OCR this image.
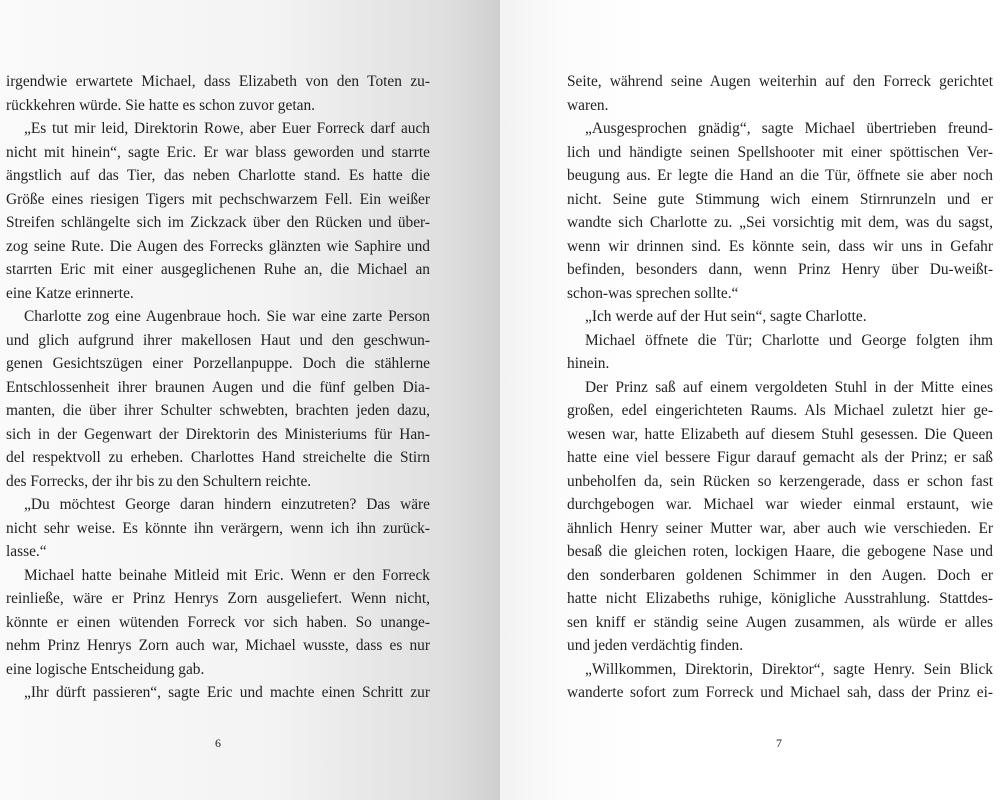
irgendwie erwartete Michael, dass Elizabeth von den Toten zu-
rückkehren würde. Sie hatte es schon zuvor getan.
„Es tut mir leid, Direktorin Rowe, aber Euer Forreck darf auch
nicht mit hinein“, sagte Eric. Er war blass geworden und starrte
ängstlich auf das Tier, das neben Charlotte stand. Es hatte die
Größe eines riesigen Tigers mit pechschwarzem Fell. Ein weißer
Streifen schlängelte sich im Zickzack über den Rücken und über-
zog seine Rute. Die Augen des Forrecks glänzten wie Saphire und
starrten Eric mit einer ausgeglichenen Ruhe an, die Michael an
eine Katze erinnerte.
Charlotte zog eine Augenbraue hoch. Sie war eine zarte Person
und glich aufgrund ihrer makellosen Haut und den geschwun-
genen Gesichtszügen einer Porzellanpuppe. Doch die stählerne
Entschlossenheit ihrer braunen Augen und die fünf gelben Dia-
manten, die über ihrer Schulter schwebten, brachten jeden dazu,
sich in der Gegenwart der Direktorin des Ministeriums für Han-
del respektvoll zu erheben. Charlottes Hand streichelte die Stirn
des Forrecks, der ihr bis zu den Schultern reichte.
„Du möchtest George daran hindern einzutreten? Das wäre
nicht sehr weise. Es könnte ihn verärgern, wenn ich ihn zurück-
lasse.“
Michael hatte beinahe Mitleid mit Eric. Wenn er den Forreck
reinließe, wäre er Prinz Henrys Zorn ausgeliefert. Wenn nicht,
könnte er einen wütenden Forreck vor sich haben. So unange-
nehm Prinz Henrys Zorn auch war, Michael wusste, dass es nur
eine logische Entscheidung gab.
„Ihr dürft passieren“, sagte Eric und machte einen Schritt zur
6
Seite, während seine Augen weiterhin auf den Forreck gerichtet
waren.
„Ausgesprochen gnädig“, sagte Michael übertrieben freund-
lich und händigte seinen Spellshooter mit einer spöttischen Ver-
beugung aus. Er legte die Hand an die Tür, öffnete sie aber noch
nicht. Seine gute Stimmung wich einem Stirnrunzeln und er
wandte sich Charlotte zu. „Sei vorsichtig mit dem, was du sagst,
wenn wir drinnen sind. Es könnte sein, dass wir uns in Gefahr
befinden, besonders dann, wenn Prinz Henry über Du-weißt-
schon-was sprechen sollte.“
„Ich werde auf der Hut sein“, sagte Charlotte.
Michael öffnete die Tür; Charlotte und George folgten ihm
hinein.
Der Prinz saß auf einem vergoldeten Stuhl in der Mitte eines
großen, edel eingerichteten Raums. Als Michael zuletzt hier ge-
wesen war, hatte Elizabeth auf diesem Stuhl gesessen. Die Queen
hatte eine viel bessere Figur darauf gemacht als der Prinz; er saß
unbeholfen da, sein Rücken so kerzengerade, dass er schon fast
durchgebogen war. Michael war wieder einmal erstaunt, wie
ähnlich Henry seiner Mutter war, aber auch wie verschieden. Er
besaß die gleichen roten, lockigen Haare, die gebogene Nase und
den sonderbaren goldenen Schimmer in den Augen. Doch er
hatte nicht Elizabeths ruhige, königliche Ausstrahlung. Stattdes-
sen kniff er ständig seine Augen zusammen, als würde er alles
und jeden verdächtig finden.
„Willkommen, Direktorin, Direktor“, sagte Henry. Sein Blick
wanderte sofort zum Forreck und Michael sah, dass der Prinz ei-
7
